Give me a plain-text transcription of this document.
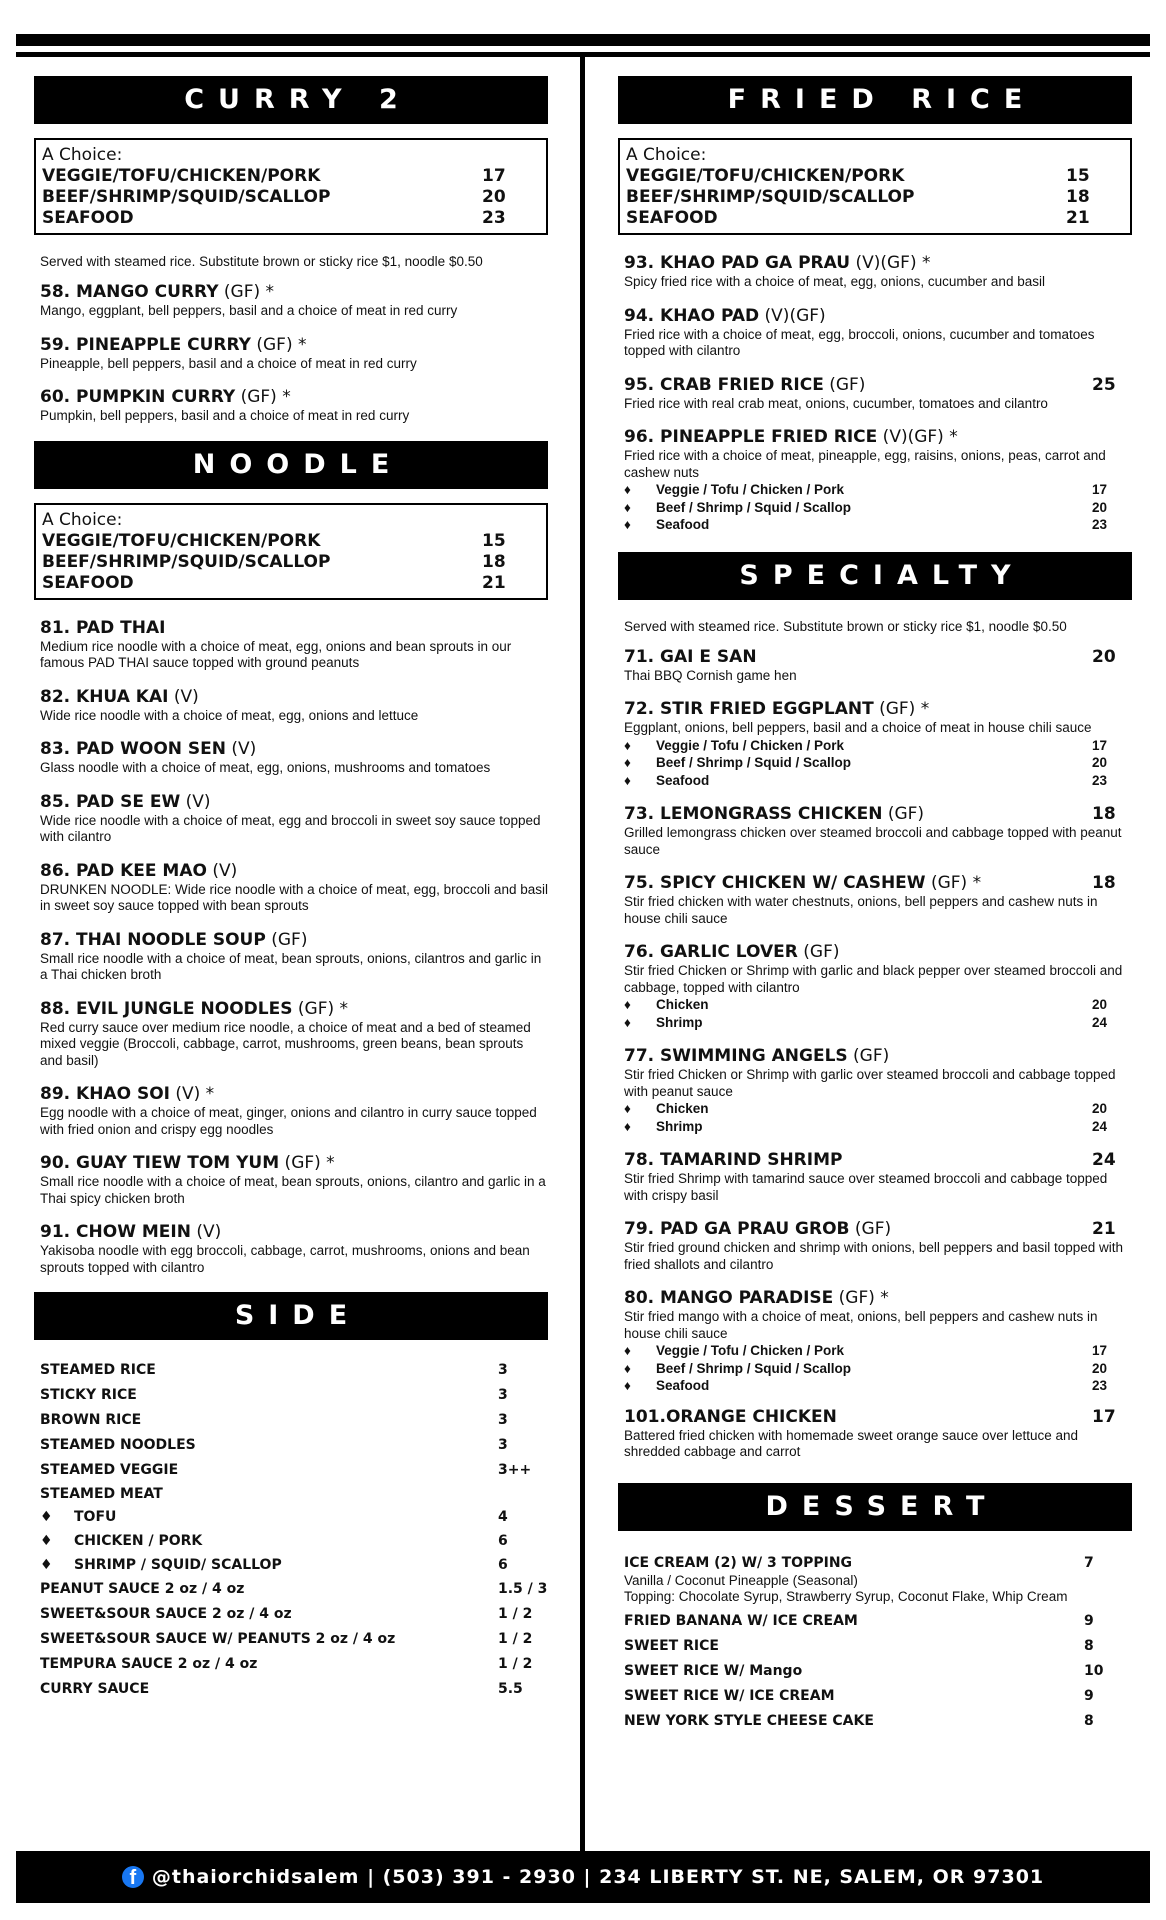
CURRY 2
A Choice:
VEGGIE/TOFU/CHICKEN/PORK	17
BEEF/SHRIMP/SQUID/SCALLOP	20
SEAFOOD	23
Served with steamed rice. Substitute brown or sticky rice $1, noodle $0.50
58. MANGO CURRY (GF) *
Mango, eggplant, bell peppers, basil and a choice of meat in red curry
59. PINEAPPLE CURRY (GF) *
Pineapple, bell peppers, basil and a choice of meat in red curry
60. PUMPKIN CURRY (GF) *
Pumpkin, bell peppers, basil and a choice of meat in red curry
NOODLE
A Choice:
VEGGIE/TOFU/CHICKEN/PORK	15
BEEF/SHRIMP/SQUID/SCALLOP	18
SEAFOOD	21
81. PAD THAI
Medium rice noodle with a choice of meat, egg, onions and bean sprouts in our famous PAD THAI sauce topped with ground peanuts
82. KHUA KAI (V)
Wide rice noodle with a choice of meat, egg, onions and lettuce
83. PAD WOON SEN (V)
Glass noodle with a choice of meat, egg, onions, mushrooms and tomatoes
85. PAD SE EW (V)
Wide rice noodle with a choice of meat, egg and broccoli in sweet soy sauce topped with cilantro
86. PAD KEE MAO (V)
DRUNKEN NOODLE: Wide rice noodle with a choice of meat, egg, broccoli and basil in sweet soy sauce topped with bean sprouts
87. THAI NOODLE SOUP (GF)
Small rice noodle with a choice of meat, bean sprouts, onions, cilantros and garlic in a Thai chicken broth
88. EVIL JUNGLE NOODLES (GF) *
Red curry sauce over medium rice noodle, a choice of meat and a bed of steamed mixed veggie (Broccoli, cabbage, carrot, mushrooms, green beans, bean sprouts and basil)
89. KHAO SOI (V) *
Egg noodle with a choice of meat, ginger, onions and cilantro in curry sauce topped with fried onion and crispy egg noodles
90. GUAY TIEW TOM YUM (GF) *
Small rice noodle with a choice of meat, bean sprouts, onions, cilantro and garlic in a Thai spicy chicken broth
91. CHOW MEIN (V)
Yakisoba noodle with egg broccoli, cabbage, carrot, mushrooms, onions and bean sprouts topped with cilantro
SIDE
STEAMED RICE	3
STICKY RICE	3
BROWN RICE	3
STEAMED NOODLES	3
STEAMED VEGGIE	3++
STEAMED MEAT
♦	TOFU	4
♦	CHICKEN / PORK	6
♦	SHRIMP / SQUID/ SCALLOP	6
PEANUT SAUCE 2 oz / 4 oz	1.5 / 3
SWEET&SOUR SAUCE 2 oz / 4 oz	1 / 2
SWEET&SOUR SAUCE W/ PEANUTS 2 oz / 4 oz	1 / 2
TEMPURA SAUCE 2 oz / 4 oz	1 / 2
CURRY SAUCE	5.5
FRIED RICE
A Choice:
VEGGIE/TOFU/CHICKEN/PORK	15
BEEF/SHRIMP/SQUID/SCALLOP	18
SEAFOOD	21
93. KHAO PAD GA PRAU (V)(GF) *
Spicy fried rice with a choice of meat, egg, onions, cucumber and basil
94. KHAO PAD (V)(GF)
Fried rice with a choice of meat, egg, broccoli, onions, cucumber and tomatoes topped with cilantro
95. CRAB FRIED RICE (GF)	25
Fried rice with real crab meat, onions, cucumber, tomatoes and cilantro
96. PINEAPPLE FRIED RICE (V)(GF) *
Fried rice with a choice of meat, pineapple, egg, raisins, onions, peas, carrot and cashew nuts
♦	Veggie / Tofu / Chicken / Pork	17
♦	Beef / Shrimp / Squid / Scallop	20
♦	Seafood	23
SPECIALTY
Served with steamed rice. Substitute brown or sticky rice $1, noodle $0.50
71. GAI E SAN	20
Thai BBQ Cornish game hen
72. STIR FRIED EGGPLANT (GF) *
Eggplant, onions, bell peppers, basil and a choice of meat in house chili sauce
♦	Veggie / Tofu / Chicken / Pork	17
♦	Beef / Shrimp / Squid / Scallop	20
♦	Seafood	23
73. LEMONGRASS CHICKEN (GF)	18
Grilled lemongrass chicken over steamed broccoli and cabbage topped with peanut sauce
75. SPICY CHICKEN W/ CASHEW (GF) *	18
Stir fried chicken with water chestnuts, onions, bell peppers and cashew nuts in house chili sauce
76. GARLIC LOVER (GF)
Stir fried Chicken or Shrimp with garlic and black pepper over steamed broccoli and cabbage, topped with cilantro
♦	Chicken	20
♦	Shrimp	24
77. SWIMMING ANGELS (GF)
Stir fried Chicken or Shrimp with garlic over steamed broccoli and cabbage topped with peanut sauce
♦	Chicken	20
♦	Shrimp	24
78. TAMARIND SHRIMP	24
Stir fried Shrimp with tamarind sauce over steamed broccoli and cabbage topped with crispy basil
79. PAD GA PRAU GROB (GF)	21
Stir fried ground chicken and shrimp with onions, bell peppers and basil topped with fried shallots and cilantro
80. MANGO PARADISE (GF) *
Stir fried mango with a choice of meat, onions, bell peppers and cashew nuts in house chili sauce
♦	Veggie / Tofu / Chicken / Pork	17
♦	Beef / Shrimp / Squid / Scallop	20
♦	Seafood	23
101.ORANGE CHICKEN	17
Battered fried chicken with homemade sweet orange sauce over lettuce and shredded cabbage and carrot
DESSERT
ICE CREAM (2) W/ 3 TOPPING	7
Vanilla / Coconut Pineapple (Seasonal)
Topping: Chocolate Syrup, Strawberry Syrup, Coconut Flake, Whip Cream
FRIED BANANA W/ ICE CREAM	9
SWEET RICE	8
SWEET RICE W/ Mango	10
SWEET RICE W/ ICE CREAM	9
NEW YORK STYLE CHEESE CAKE	8
f @thaiorchidsalem | (503) 391 - 2930 | 234 LIBERTY ST. NE, SALEM, OR 97301
